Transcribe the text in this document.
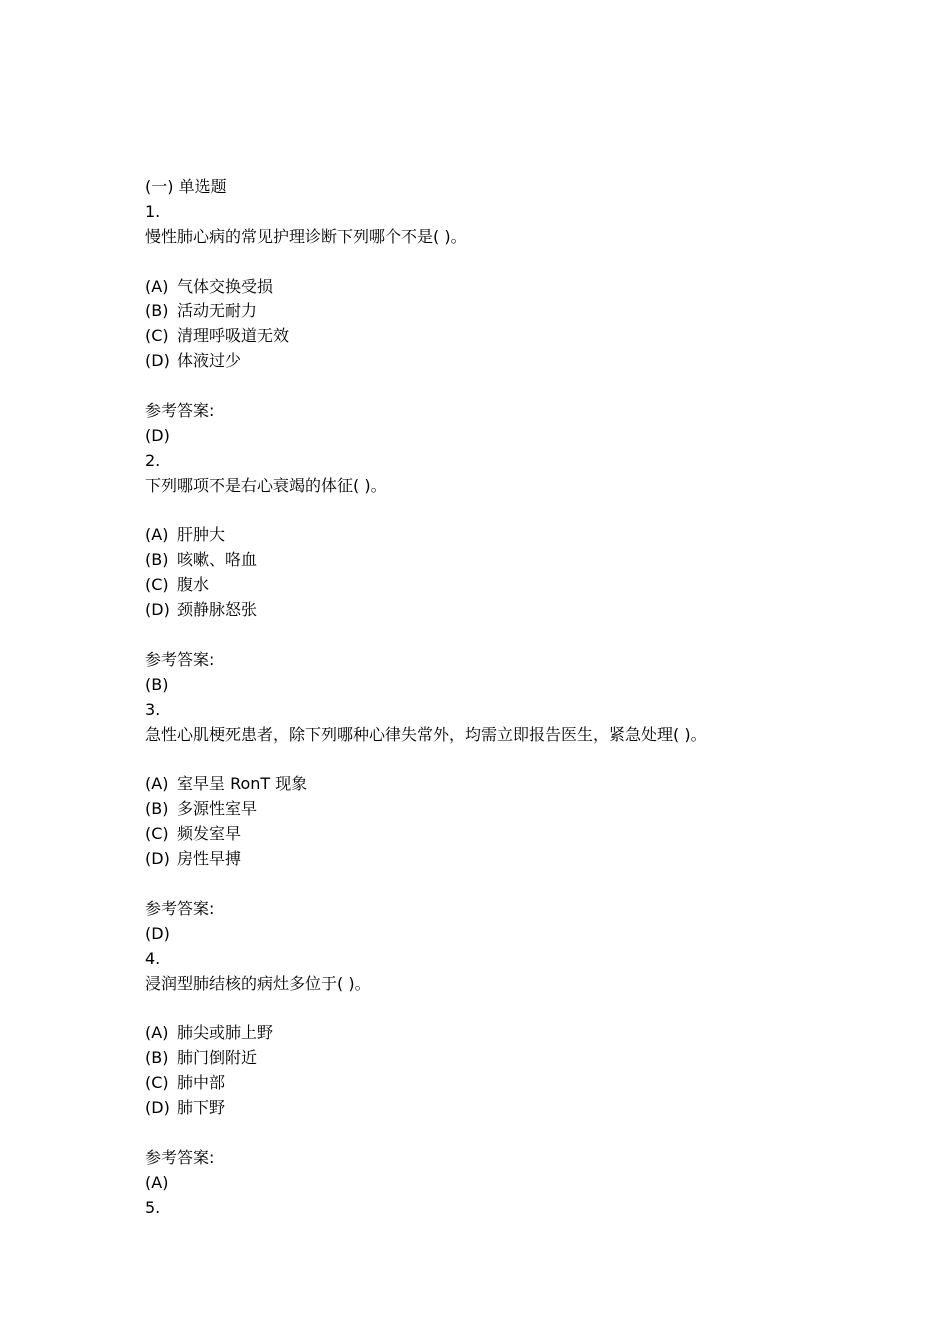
(一) 单选题
1.
慢性肺心病的常见护理诊断下列哪个不是( )。
(A) 气体交换受损
(B) 活动无耐力
(C) 清理呼吸道无效
(D) 体液过少
参考答案:
(D)
2.
下列哪项不是右心衰竭的体征( )。
(A) 肝肿大
(B) 咳嗽、咯血
(C) 腹水
(D) 颈静脉怒张
参考答案:
(B)
3.
急性心肌梗死患者，除下列哪种心律失常外，均需立即报告医生，紧急处理( )。
(A) 室早呈 RonT 现象
(B) 多源性室早
(C) 频发室早
(D) 房性早搏
参考答案:
(D)
4.
浸润型肺结核的病灶多位于( )。
(A) 肺尖或肺上野
(B) 肺门倒附近
(C) 肺中部
(D) 肺下野
参考答案:
(A)
5.
